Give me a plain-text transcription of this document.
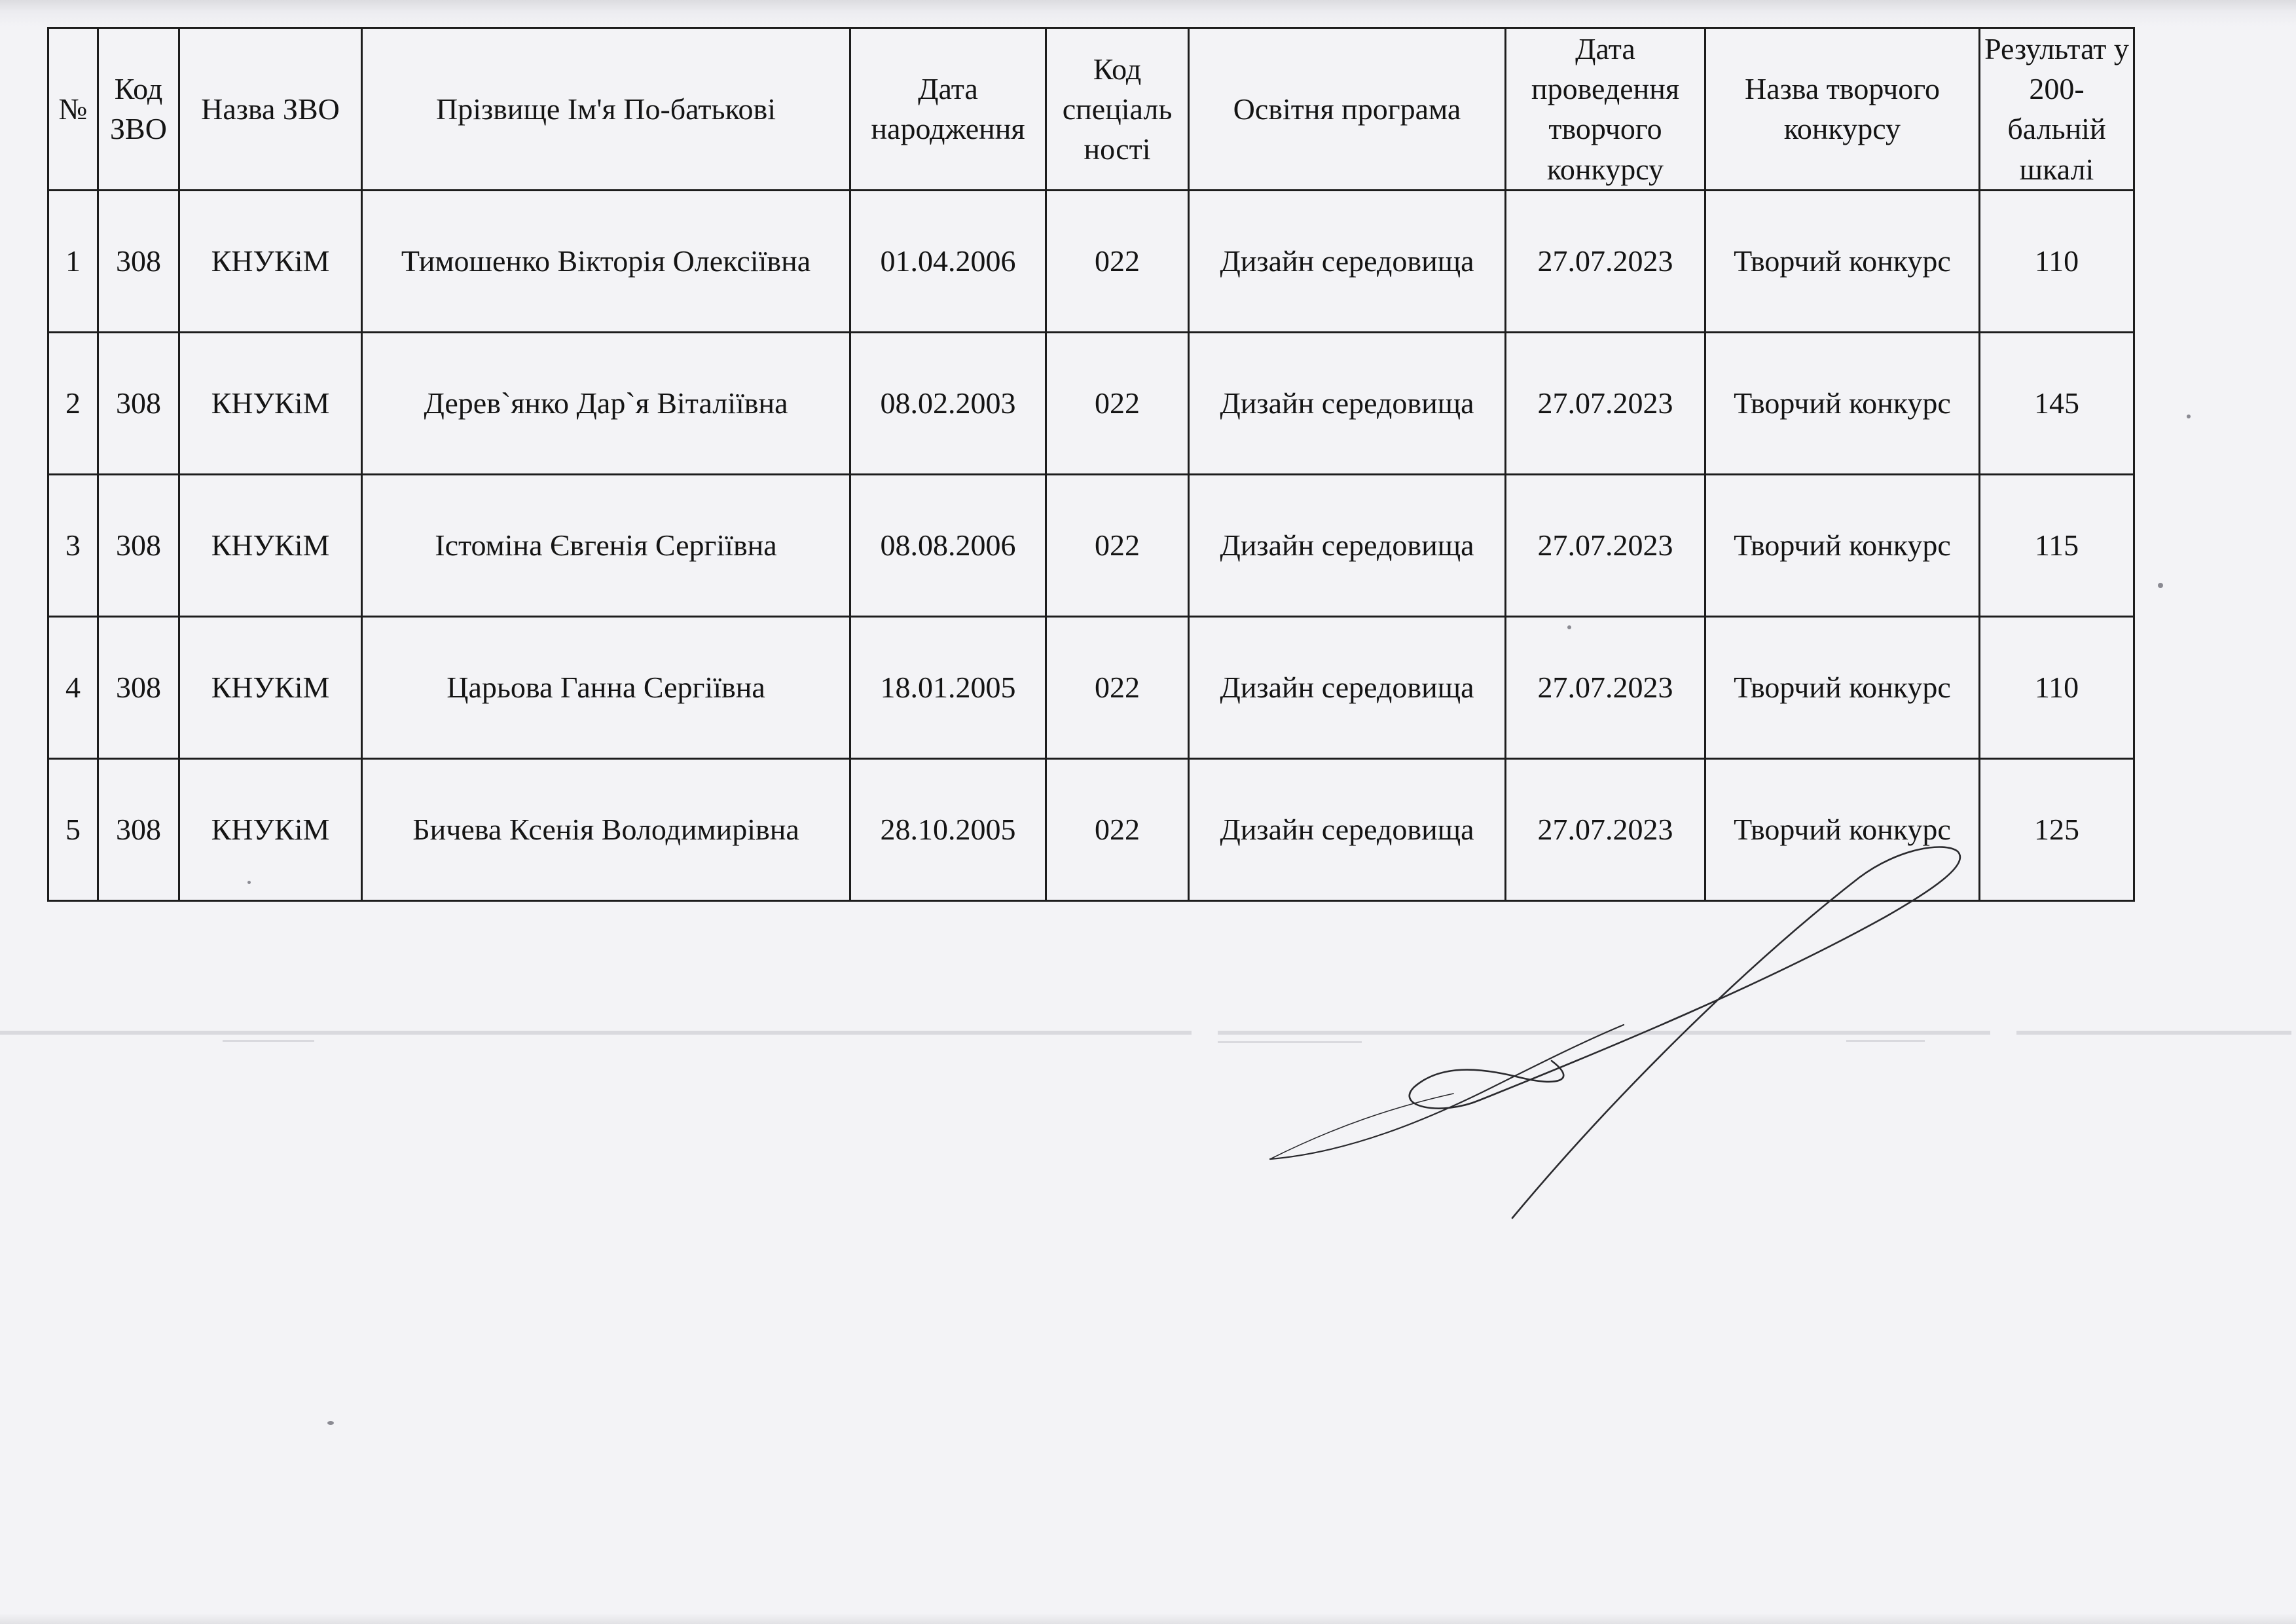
№	Код ЗВО	Назва ЗВО	Прізвище Ім'я По-батькові	Дата народження	Код спеціаль ності	Освітня програма	Дата проведення творчого конкурсу	Назва творчого конкурсу	Результат у 200-бальній шкалі
1	308	КНУКіМ	Тимошенко Вікторія Олексіївна	01.04.2006	022	Дизайн середовища	27.07.2023	Творчий конкурс	110
2	308	КНУКіМ	Дерев`янко Дар`я Віталіївна	08.02.2003	022	Дизайн середовища	27.07.2023	Творчий конкурс	145
3	308	КНУКіМ	Істоміна Євгенія Сергіївна	08.08.2006	022	Дизайн середовища	27.07.2023	Творчий конкурс	115
4	308	КНУКіМ	Царьова Ганна Сергіївна	18.01.2005	022	Дизайн середовища	27.07.2023	Творчий конкурс	110
5	308	КНУКіМ	Бичева Ксенія Володимирівна	28.10.2005	022	Дизайн середовища	27.07.2023	Творчий конкурс	125
